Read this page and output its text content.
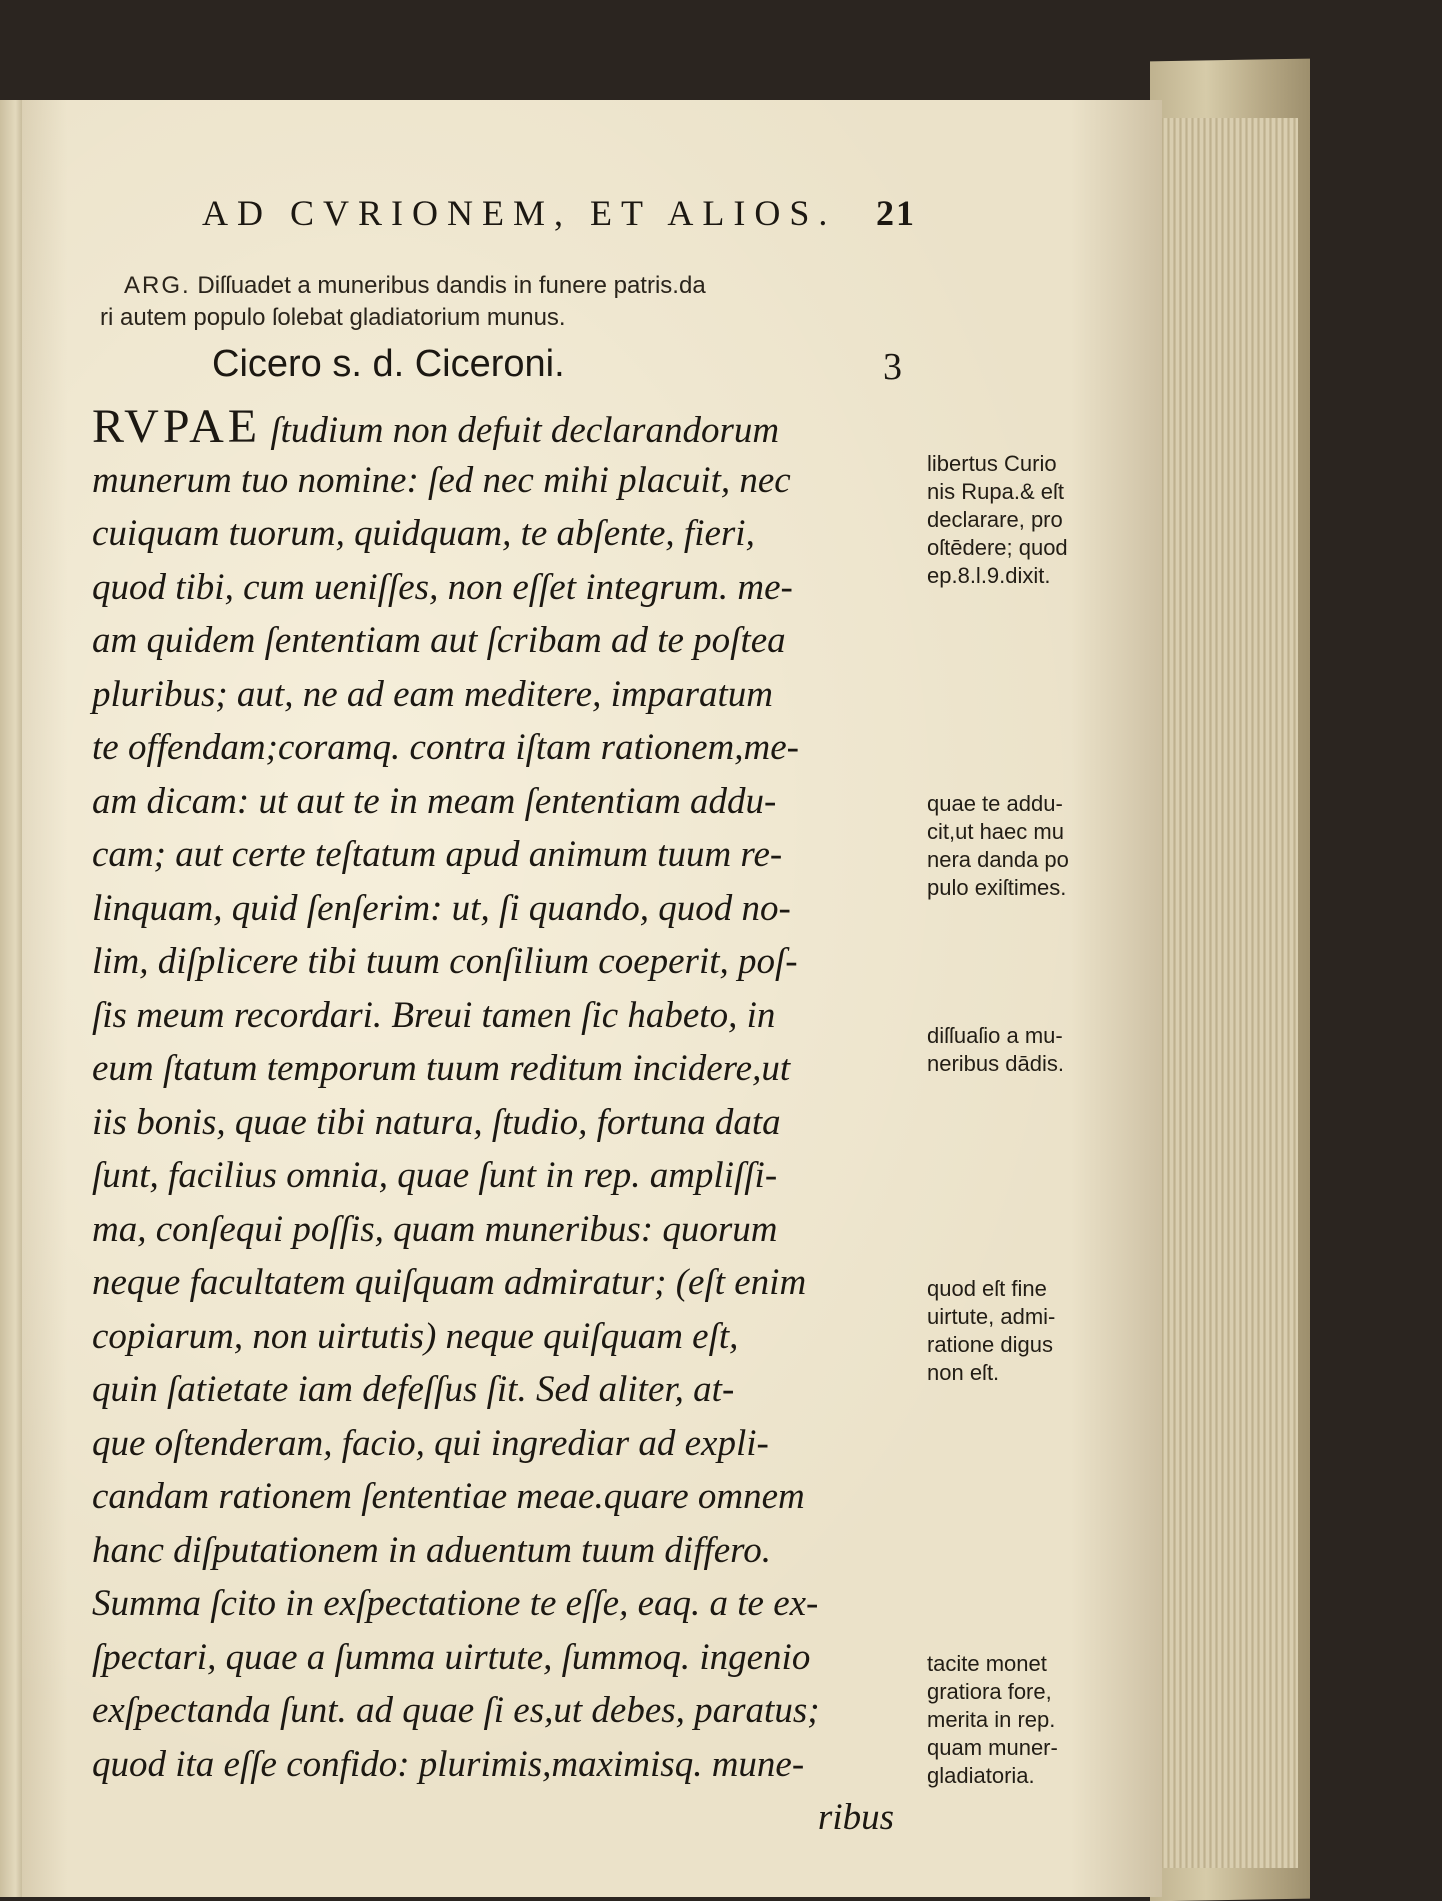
AD CVRIONEM, ET ALIOS. 21
ARG. Diſſuadet a muneribus dandis in funere patris.da
ri autem populo ſolebat gladiatorium munus.
Cicero s. d. Ciceroni.	3
RVPAE ſtudium non defuit declarandorum
munerum tuo nomine: ſed nec mihi placuit, nec
cuiquam tuorum, quidquam, te abſente, fieri,
quod tibi, cum ueniſſes, non eſſet integrum. me-
am quidem ſententiam aut ſcribam ad te poſtea
pluribus; aut, ne ad eam meditere, imparatum
te offendam;coramq. contra iſtam rationem,me-
am dicam: ut aut te in meam ſententiam addu-
cam; aut certe teſtatum apud animum tuum re-
linquam, quid ſenſerim: ut, ſi quando, quod no-
lim, diſplicere tibi tuum conſilium coeperit, poſ-
ſis meum recordari. Breui tamen ſic habeto, in
eum ſtatum temporum tuum reditum incidere,ut
iis bonis, quae tibi natura, ſtudio, fortuna data
ſunt, facilius omnia, quae ſunt in rep. ampliſſi-
ma, conſequi poſſis, quam muneribus: quorum
neque facultatem quiſquam admiratur; (eſt enim
copiarum, non uirtutis) neque quiſquam eſt,
quin ſatietate iam defeſſus ſit. Sed aliter, at-
que oſtenderam, facio, qui ingrediar ad expli-
candam rationem ſententiae meae.quare omnem
hanc diſputationem in aduentum tuum differo.
Summa ſcito in exſpectatione te eſſe, eaq. a te ex-
ſpectari, quae a ſumma uirtute, ſummoq. ingenio
exſpectanda ſunt. ad quae ſi es,ut debes, paratus;
quod ita eſſe confido: plurimis,maximisq. mune-
ribus
libertus Curio
nis Rupa.& eſt
declarare, pro
oſtēdere; quod
ep.8.l.9.dixit.
quae te addu-
cit,ut haec mu
nera danda po
pulo exiſtimes.
diſſuaſio a mu-
neribus dādis.
quod eſt fine
uirtute, admi-
ratione digus
non eſt.
tacite monet
gratiora fore,
merita in rep.
quam muner-
gladiatoria.
